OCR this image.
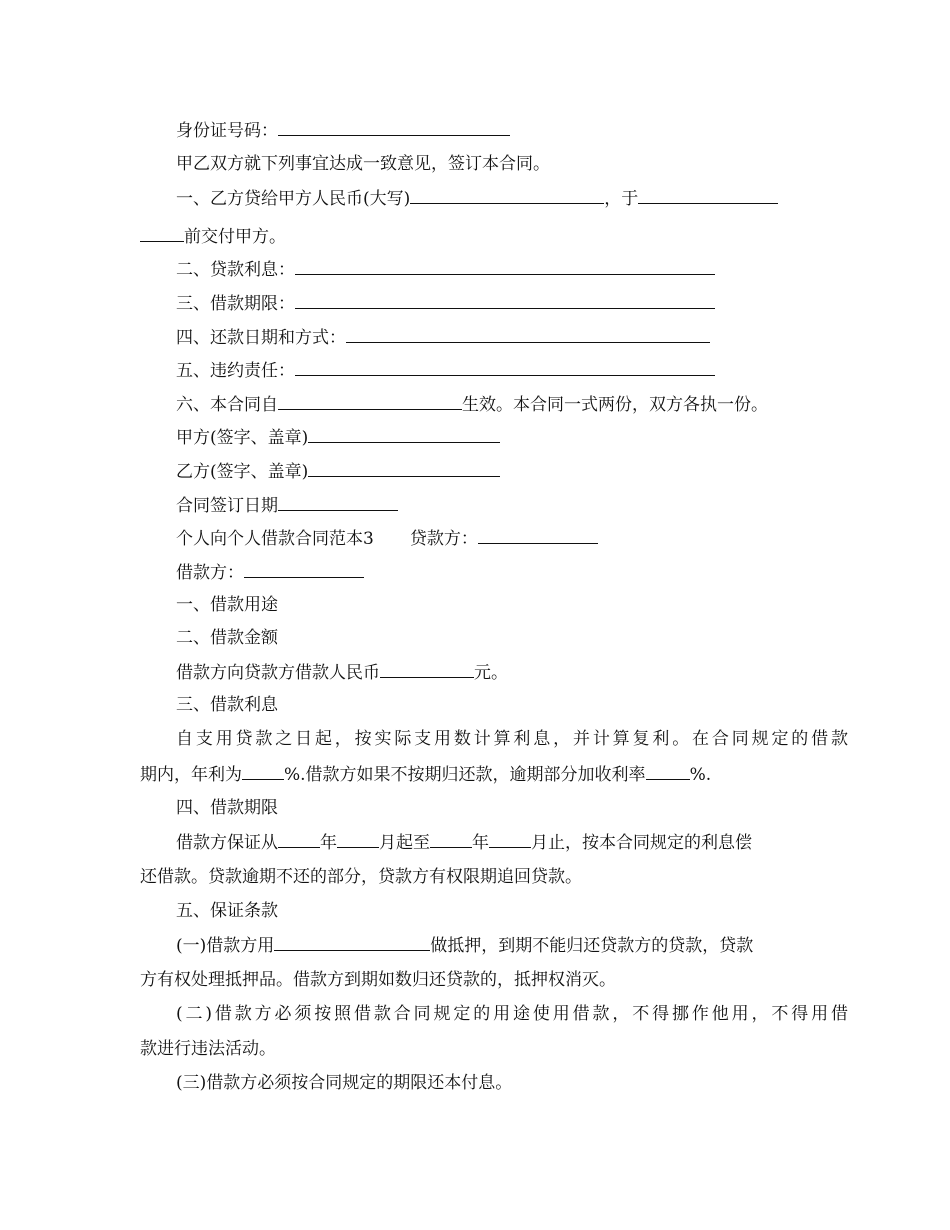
身份证号码：
甲乙双方就下列事宜达成一致意见，签订本合同。
一、乙方贷给甲方人民币(大写)	，于
前交付甲方。
二、贷款利息：
三、借款期限：
四、还款日期和方式：
五、违约责任：
六、本合同自	生效。本合同一式两份，双方各执一份。
甲方(签字、盖章)
乙方(签字、盖章)
合同签订日期
个人向个人借款合同范本3 贷款方：
借款方：
一、借款用途
二、借款金额
借款方向贷款方借款人民币	元。
三、借款利息
自支用贷款之日起，按实际支用数计算利息，并计算复利。在合同规定的借款
期内，年利为 %.借款方如果不按期归还款，逾期部分加收利率	%.
四、借款期限
借款方保证从 年 月起至 年 月止，按本合同规定的利息偿
还借款。贷款逾期不还的部分，贷款方有权限期追回贷款。
五、保证条款
(一)借款方用	做抵押，到期不能归还贷款方的贷款，贷款
方有权处理抵押品。借款方到期如数归还贷款的，抵押权消灭。
(二)借款方必须按照借款合同规定的用途使用借款，不得挪作他用，不得用借
款进行违法活动。
(三)借款方必须按合同规定的期限还本付息。
